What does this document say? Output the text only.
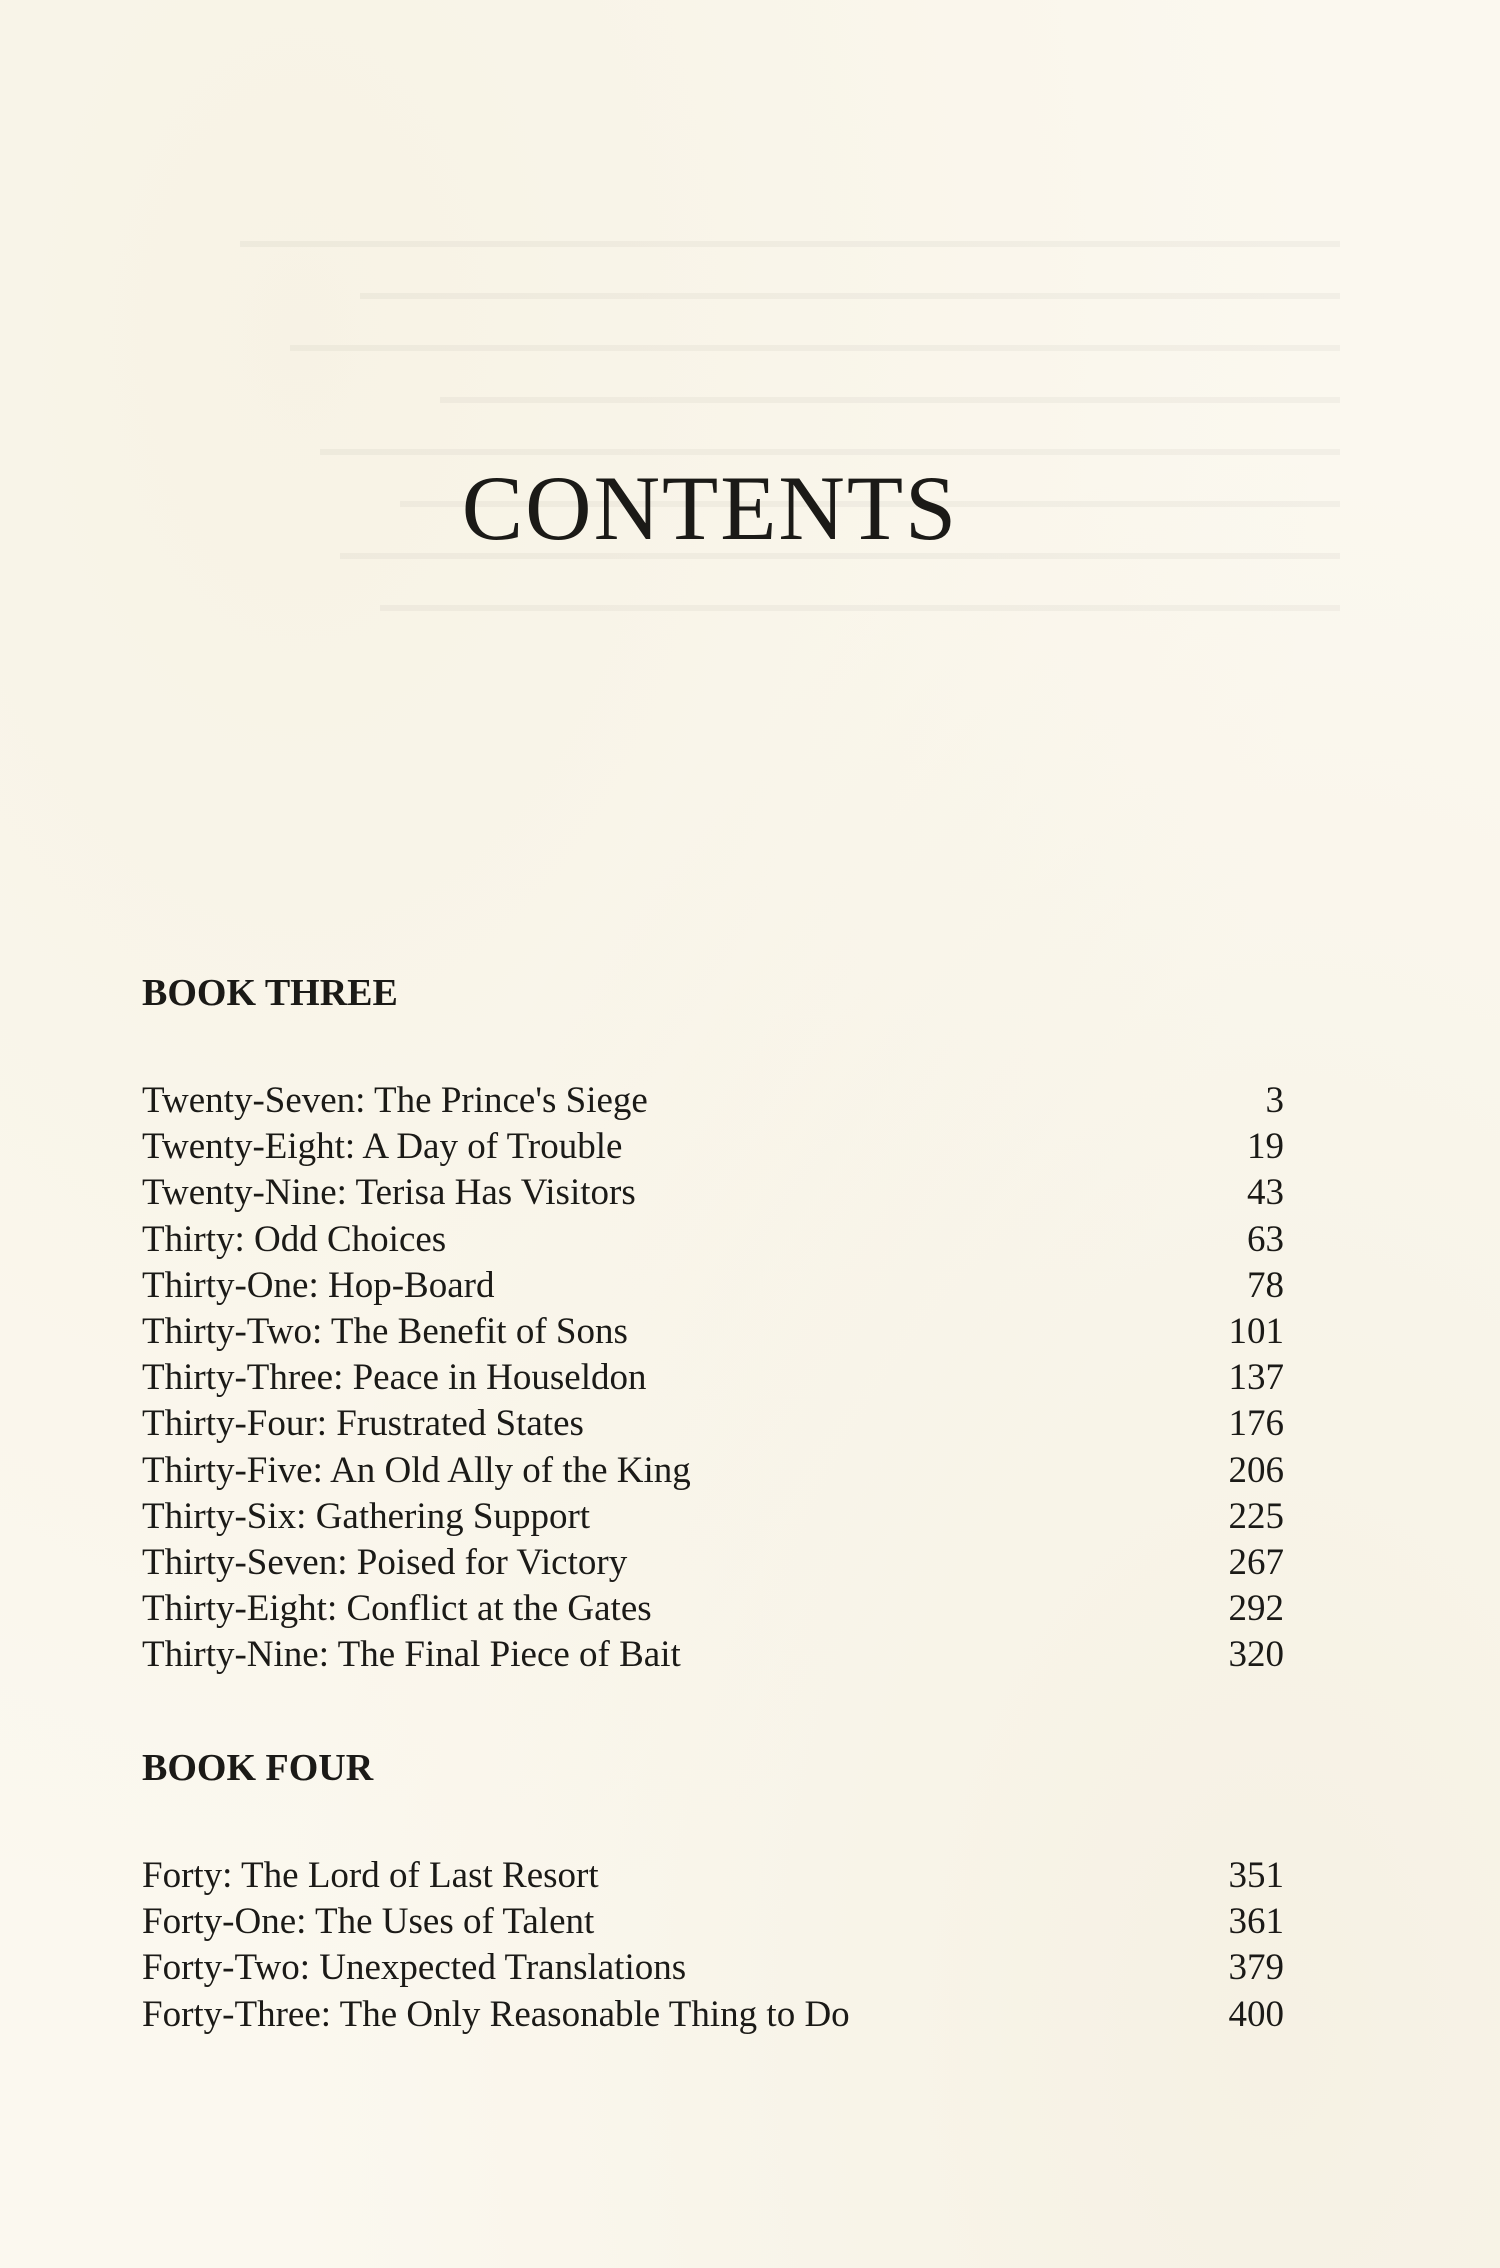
CONTENTS
BOOK THREE
Twenty-Seven: The Prince's Siege	3
Twenty-Eight: A Day of Trouble	19
Twenty-Nine: Terisa Has Visitors	43
Thirty: Odd Choices	63
Thirty-One: Hop-Board	78
Thirty-Two: The Benefit of Sons	101
Thirty-Three: Peace in Houseldon	137
Thirty-Four: Frustrated States	176
Thirty-Five: An Old Ally of the King	206
Thirty-Six: Gathering Support	225
Thirty-Seven: Poised for Victory	267
Thirty-Eight: Conflict at the Gates	292
Thirty-Nine: The Final Piece of Bait	320
BOOK FOUR
Forty: The Lord of Last Resort	351
Forty-One: The Uses of Talent	361
Forty-Two: Unexpected Translations	379
Forty-Three: The Only Reasonable Thing to Do	400
